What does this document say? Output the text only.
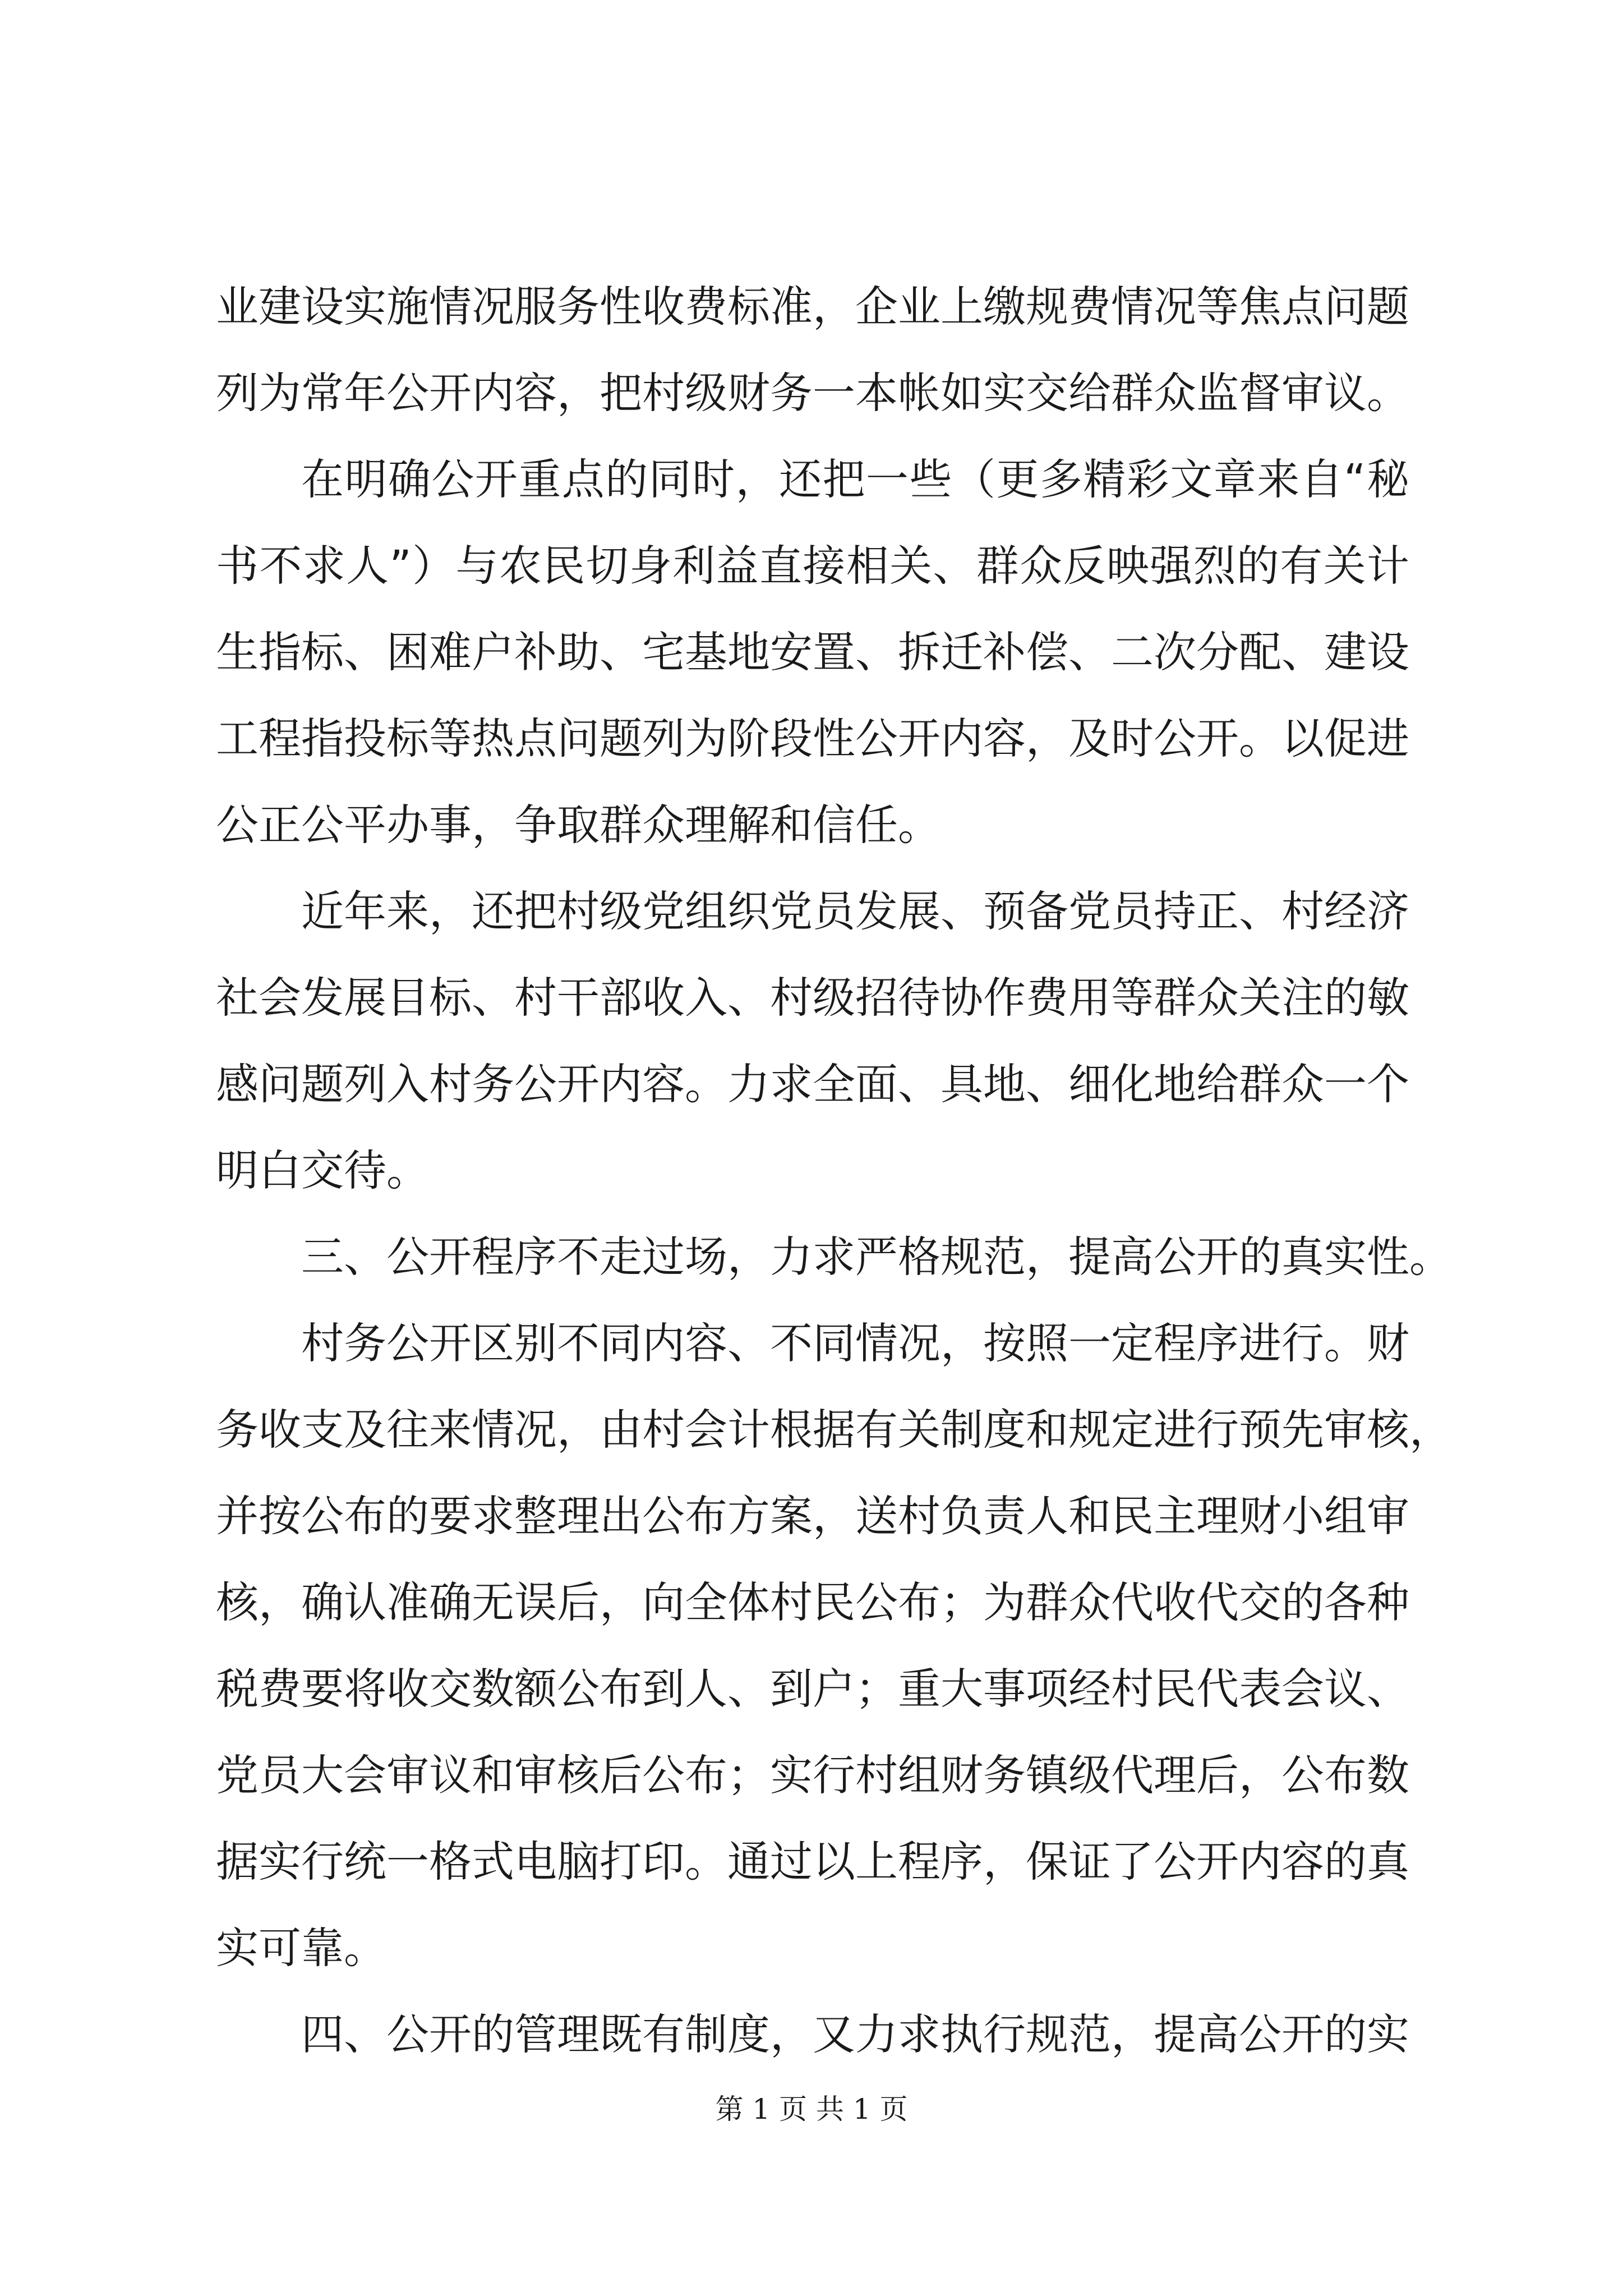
业建设实施情况服务性收费标准，企业上缴规费情况等焦点问题

列为常年公开内容，把村级财务一本帐如实交给群众监督审议。

在明确公开重点的同时，还把一些（更多精彩文章来自“秘

书不求人”）与农民切身利益直接相关、群众反映强烈的有关计

生指标、困难户补助、宅基地安置、拆迁补偿、二次分配、建设

工程指投标等热点问题列为阶段性公开内容，及时公开。以促进

公正公平办事，争取群众理解和信任。

近年来，还把村级党组织党员发展、预备党员持正、村经济

社会发展目标、村干部收入、村级招待协作费用等群众关注的敏

感问题列入村务公开内容。力求全面、具地、细化地给群众一个

明白交待。

三、公开程序不走过场，力求严格规范，提高公开的真实性。

村务公开区别不同内容、不同情况，按照一定程序进行。财

务收支及往来情况，由村会计根据有关制度和规定进行预先审核，

并按公布的要求整理出公布方案，送村负责人和民主理财小组审

核，确认准确无误后，向全体村民公布；为群众代收代交的各种

税费要将收交数额公布到人、到户；重大事项经村民代表会议、

党员大会审议和审核后公布；实行村组财务镇级代理后，公布数

据实行统一格式电脑打印。通过以上程序，保证了公开内容的真

实可靠。

四、公开的管理既有制度，又力求执行规范，提高公开的实

第 1 页 共 1 页
